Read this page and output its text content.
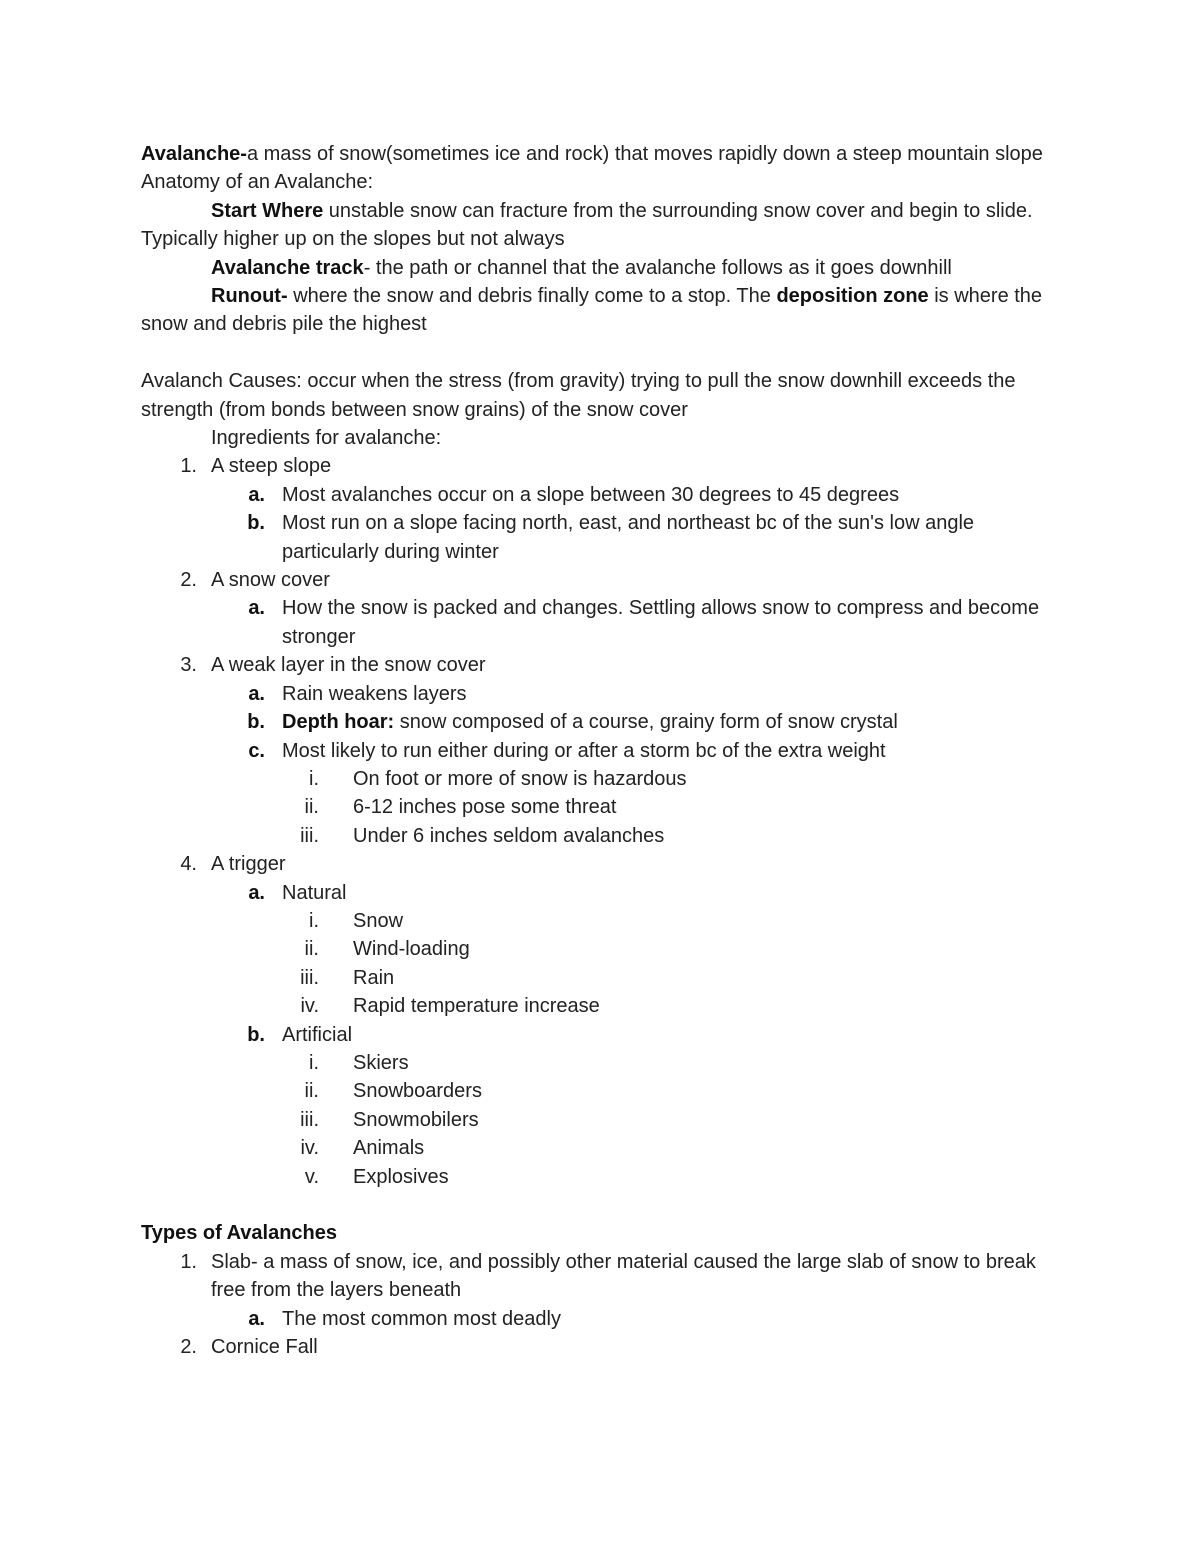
Avalanche-a mass of snow(sometimes ice and rock) that moves rapidly down a steep mountain slope

Anatomy of an Avalanche:

Start Where unstable snow can fracture from the surrounding snow cover and begin to slide. Typically higher up on the slopes but not always

Avalanche track- the path or channel that the avalanche follows as it goes downhill

Runout- where the snow and debris finally come to a stop. The deposition zone is where the snow and debris pile the highest

Avalanch Causes: occur when the stress (from gravity) trying to pull the snow downhill exceeds the strength (from bonds between snow grains) of the snow cover

Ingredients for avalanche:

1. A steep slope
a. Most avalanches occur on a slope between 30 degrees to 45 degrees
b. Most run on a slope facing north, east, and northeast bc of the sun's low angle particularly during winter
2. A snow cover
a. How the snow is packed and changes. Settling allows snow to compress and become stronger
3. A weak layer in the snow cover
a. Rain weakens layers
b. Depth hoar: snow composed of a course, grainy form of snow crystal
c. Most likely to run either during or after a storm bc of the extra weight
i. On foot or more of snow is hazardous
ii. 6-12 inches pose some threat
iii. Under 6 inches seldom avalanches
4. A trigger
a. Natural
i. Snow
ii. Wind-loading
iii. Rain
iv. Rapid temperature increase
b. Artificial
i. Skiers
ii. Snowboarders
iii. Snowmobilers
iv. Animals
v. Explosives

Types of Avalanches

1. Slab- a mass of snow, ice, and possibly other material caused the large slab of snow to break free from the layers beneath
a. The most common most deadly
2. Cornice Fall
